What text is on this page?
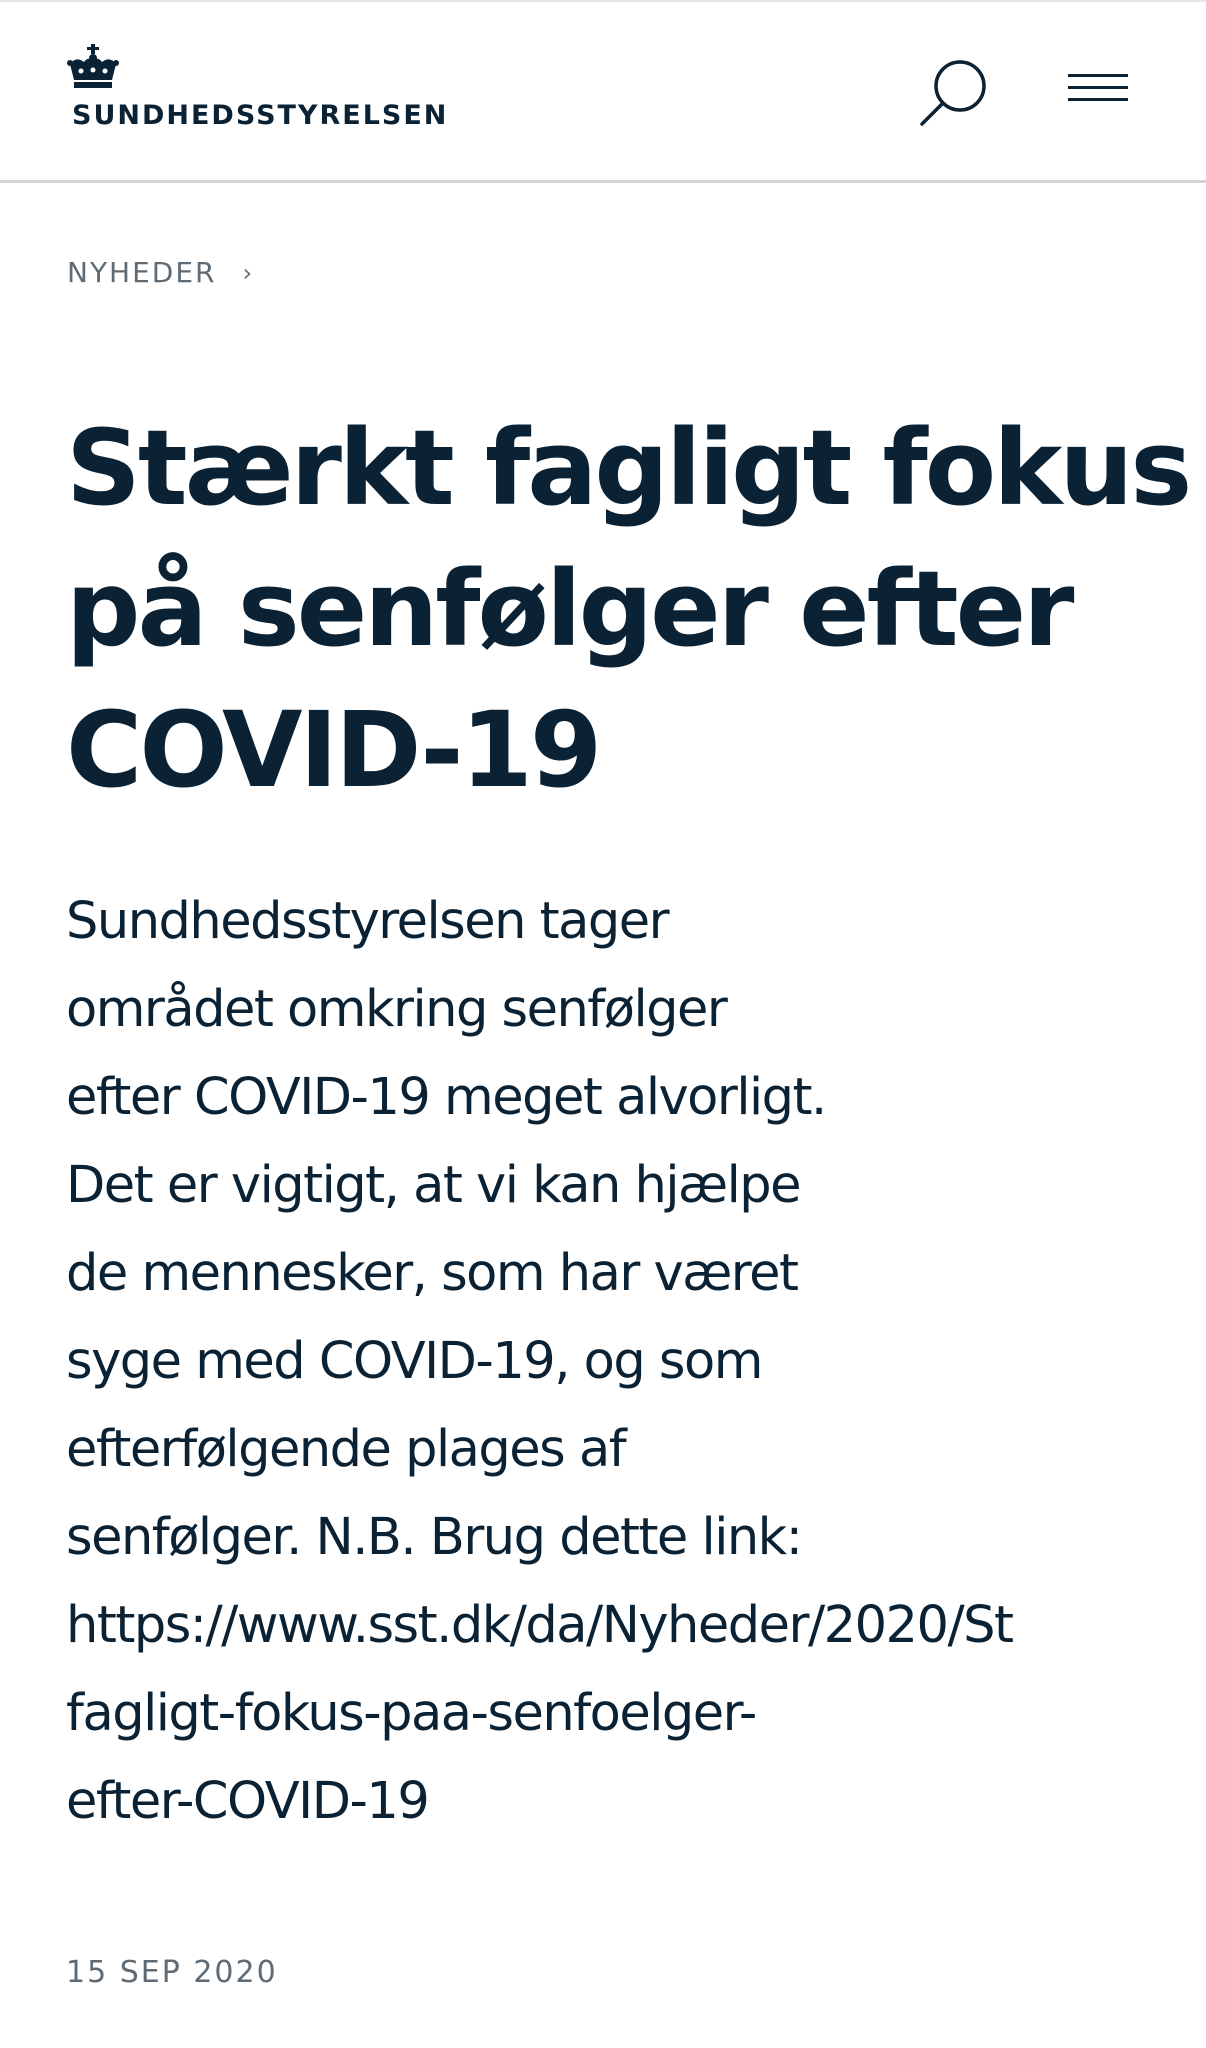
SUNDHEDSSTYRELSEN
NYHEDER ›
Stærkt fagligt fokus
på senfølger efter
COVID-19

Sundhedsstyrelsen tager
området omkring senfølger
efter COVID-19 meget alvorligt.
Det er vigtigt, at vi kan hjælpe
de mennesker, som har været
syge med COVID-19, og som
efterfølgende plages af
senfølger. N.B. Brug dette link:
https://www.sst.dk/da/Nyheder/2020/St
fagligt-fokus-paa-senfoelger-
efter-COVID-19

15 SEP 2020
